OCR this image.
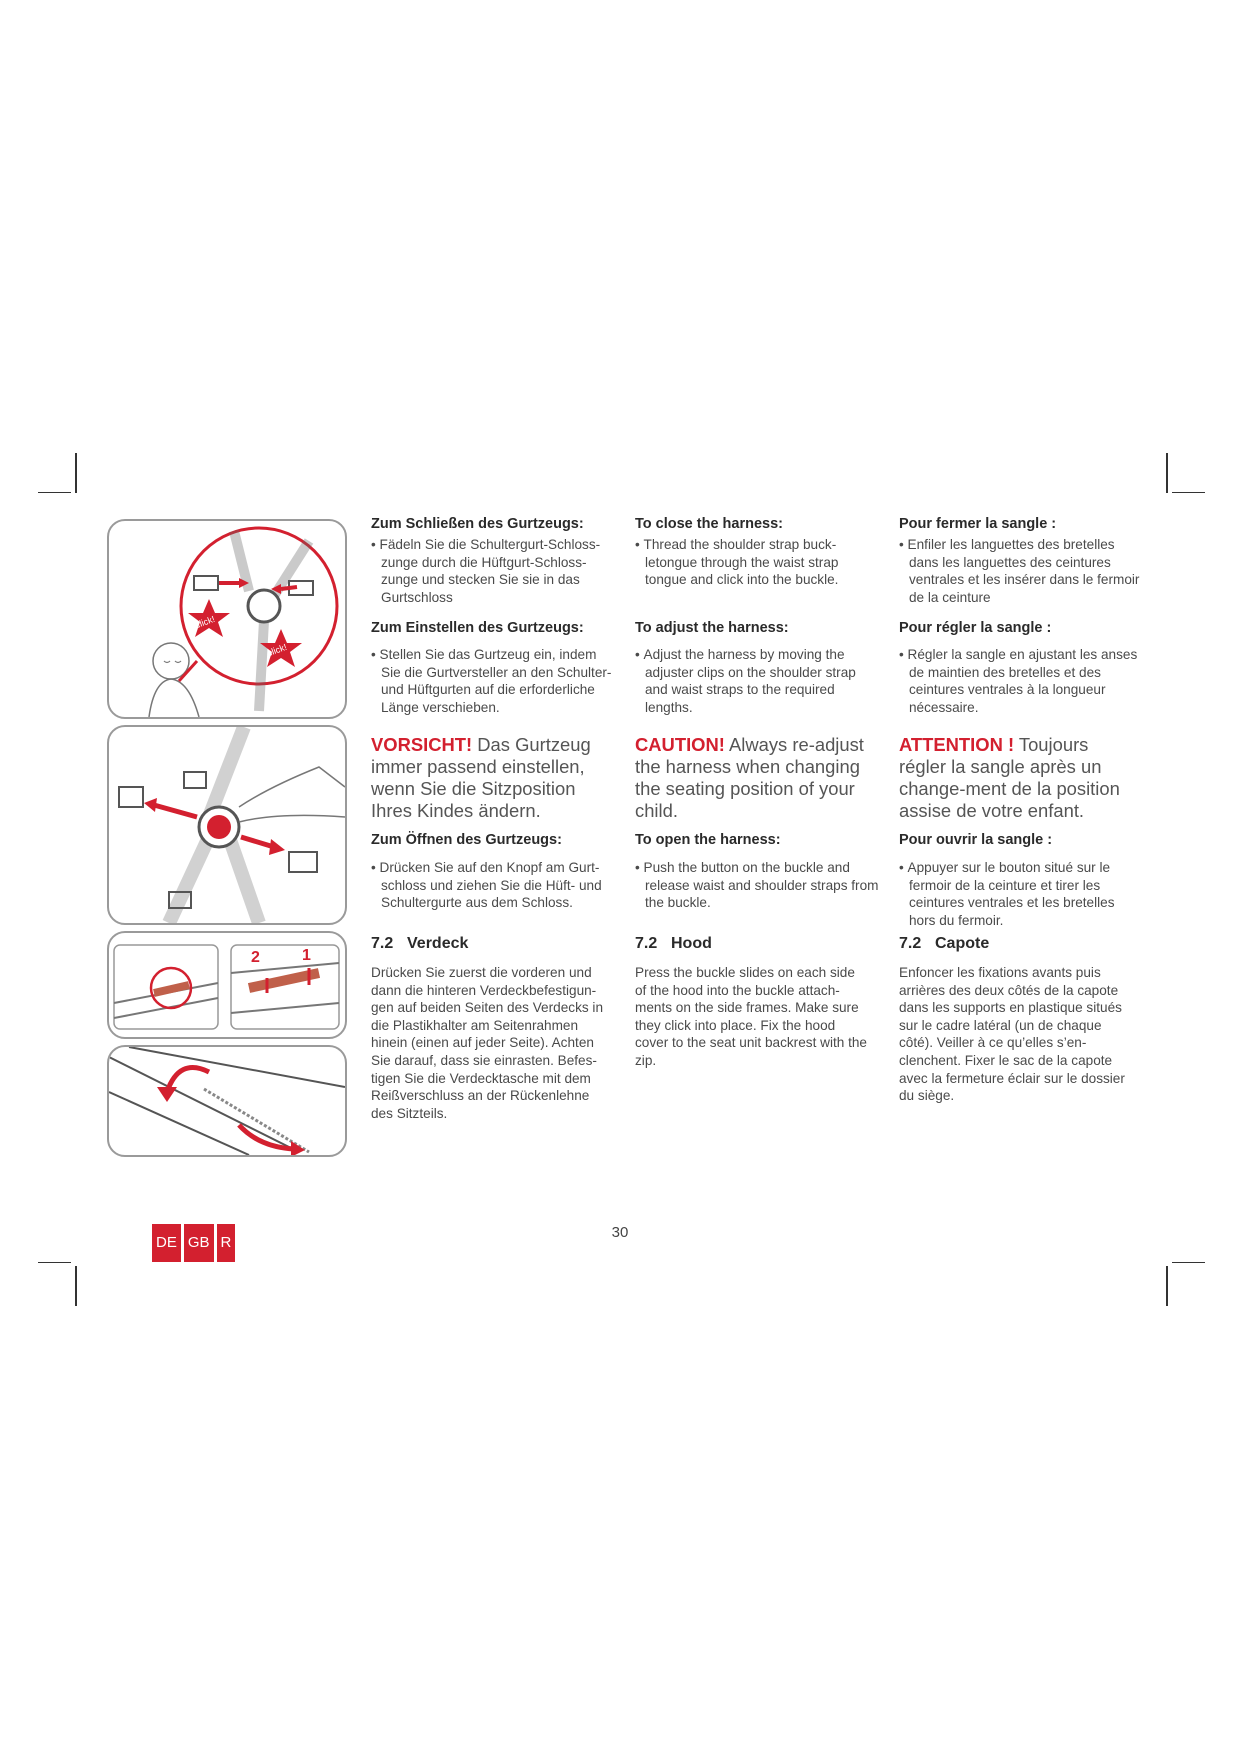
click!
click!
2	1
Zum Schließen des Gurtzeugs:
• Fädeln Sie die Schultergurt-Schloss-zunge durch die Hüftgurt-Schloss-zunge und stecken Sie sie in das Gurtschloss
Zum Einstellen des Gurtzeugs:
• Stellen Sie das Gurtzeug ein, indem Sie die Gurtversteller an den Schulter- und Hüftgurten auf die erforderliche Länge verschieben.
VORSICHT! Das Gurtzeug immer passend einstellen, wenn Sie die Sitzposition Ihres Kindes ändern.
Zum Öffnen des Gurtzeugs:
• Drücken Sie auf den Knopf am Gurt-schloss und ziehen Sie die Hüft- und Schultergurte aus dem Schloss.
7.2 Verdeck
Drücken Sie zuerst die vorderen und dann die hinteren Verdeckbefestigun-gen auf beiden Seiten des Verdecks in die Plastikhalter am Seitenrahmen hinein (einen auf jeder Seite). Achten Sie darauf, dass sie einrasten. Befes-tigen Sie die Verdecktasche mit dem Reißverschluss an der Rückenlehne des Sitzteils.
To close the harness:
• Thread the shoulder strap buck-letongue through the waist strap tongue and click into the buckle.
To adjust the harness:
• Adjust the harness by moving the adjuster clips on the shoulder strap and waist straps to the required lengths.
CAUTION! Always re-adjust the harness when changing the seating position of your child.
To open the harness:
• Push the button on the buckle and release waist and shoulder straps from the buckle.
7.2 Hood
Press the buckle slides on each side of the hood into the buckle attach-ments on the side frames. Make sure they click into place. Fix the hood cover to the seat unit backrest with the zip.
Pour fermer la sangle :
• Enfiler les languettes des bretelles dans les languettes des ceintures ventrales et les insérer dans le fermoir de la ceinture
Pour régler la sangle :
• Régler la sangle en ajustant les anses de maintien des bretelles et des ceintures ventrales à la longueur nécessaire.
ATTENTION ! Toujours régler la sangle après un change-ment de la position assise de votre enfant.
Pour ouvrir la sangle :
• Appuyer sur le bouton situé sur le fermoir de la ceinture et tirer les ceintures ventrales et les bretelles hors du fermoir.
7.2 Capote
Enfoncer les fixations avants puis arrières des deux côtés de la capote dans les supports en plastique situés sur le cadre latéral (un de chaque côté). Veiller à ce qu’elles s’en-clenchent. Fixer le sac de la capote avec la fermeture éclair sur le dossier du siège.
DE GB R
30
